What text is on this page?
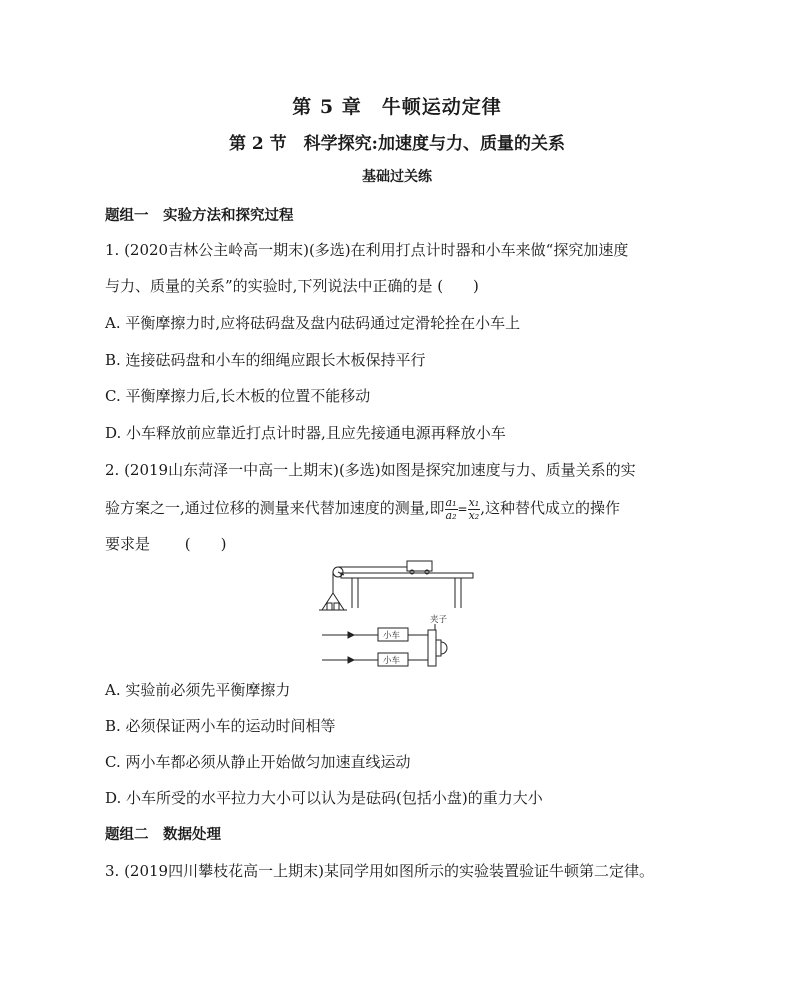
第 5 章　牛顿运动定律
第 2 节　科学探究:加速度与力、质量的关系
基础过关练
题组一　实验方法和探究过程
1. (2020吉林公主岭高一期末)(多选)在利用打点计时器和小车来做“探究加速度
与力、质量的关系”的实验时,下列说法中正确的是 (　　)
A. 平衡摩擦力时,应将砝码盘及盘内砝码通过定滑轮拴在小车上
B. 连接砝码盘和小车的细绳应跟长木板保持平行
C. 平衡摩擦力后,长木板的位置不能移动
D. 小车释放前应靠近打点计时器,且应先接通电源再释放小车
2. (2019山东菏泽一中高一上期末)(多选)如图是探究加速度与力、质量关系的实
验方案之一,通过位移的测量来代替加速度的测量,即 $\frac{\text{a₁}}{\text{a₂}} = \frac{\text{x₁}}{\text{x₂}}$ ,这种替代成立的操作
要求是　　 (　　)
小车
小车
夹子
A. 实验前必须先平衡摩擦力
B. 必须保证两小车的运动时间相等
C. 两小车都必须从静止开始做匀加速直线运动
D. 小车所受的水平拉力大小可以认为是砝码(包括小盘)的重力大小
题组二　数据处理
3. (2019四川攀枝花高一上期末)某同学用如图所示的实验装置验证牛顿第二定律。
